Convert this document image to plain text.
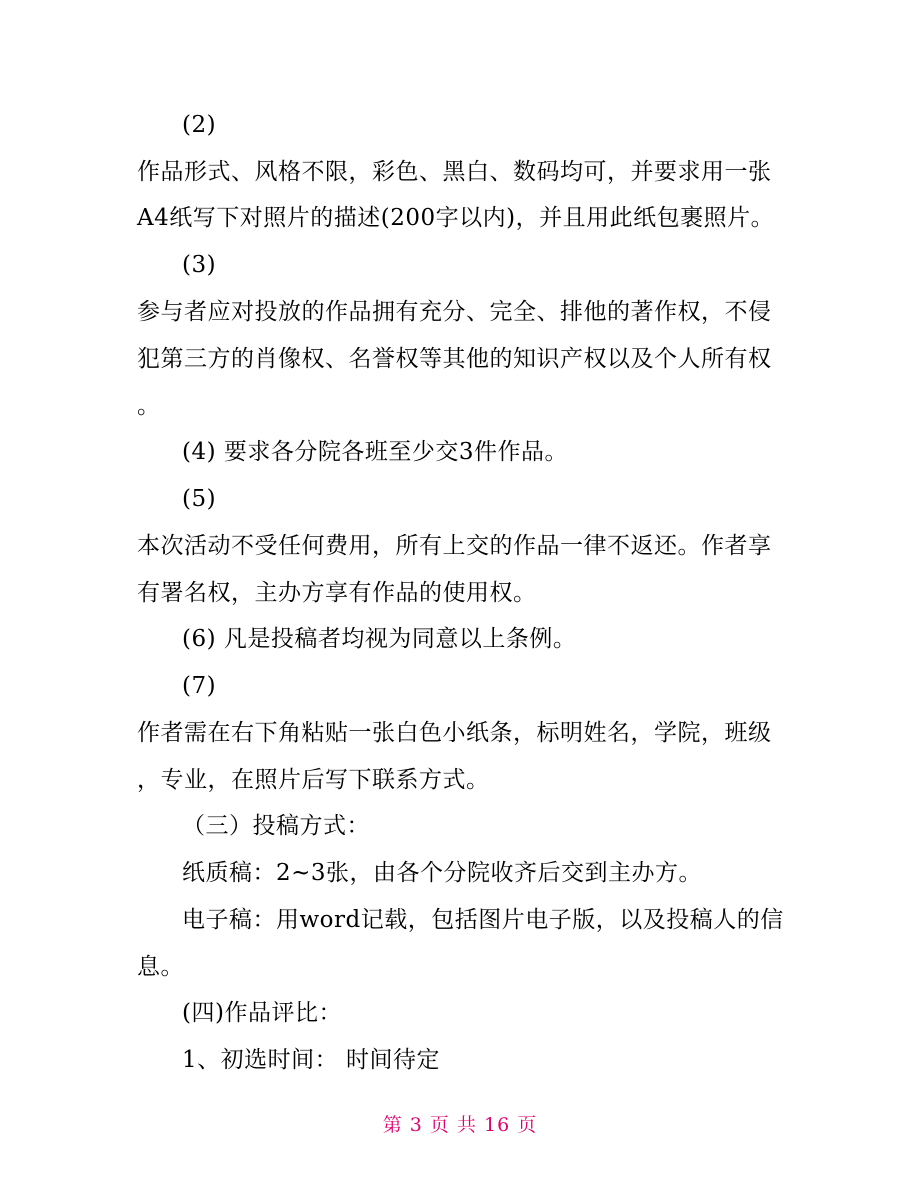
(2)
作品形式、风格不限，彩色、黑白、数码均可，并要求用一张
A4纸写下对照片的描述(200字以内)，并且用此纸包裹照片。
(3)
参与者应对投放的作品拥有充分、完全、排他的著作权，不侵
犯第三方的肖像权、名誉权等其他的知识产权以及个人所有权
。
(4) 要求各分院各班至少交3件作品。
(5)
本次活动不受任何费用，所有上交的作品一律不返还。作者享
有署名权，主办方享有作品的使用权。
(6) 凡是投稿者均视为同意以上条例。
(7)
作者需在右下角粘贴一张白色小纸条，标明姓名，学院，班级
，专业，在照片后写下联系方式。
（三）投稿方式：
纸质稿：2~3张，由各个分院收齐后交到主办方。
电子稿：用word记载，包括图片电子版，以及投稿人的信
息。
(四)作品评比：
1、初选时间： 时间待定
第 3 页 共 16 页
